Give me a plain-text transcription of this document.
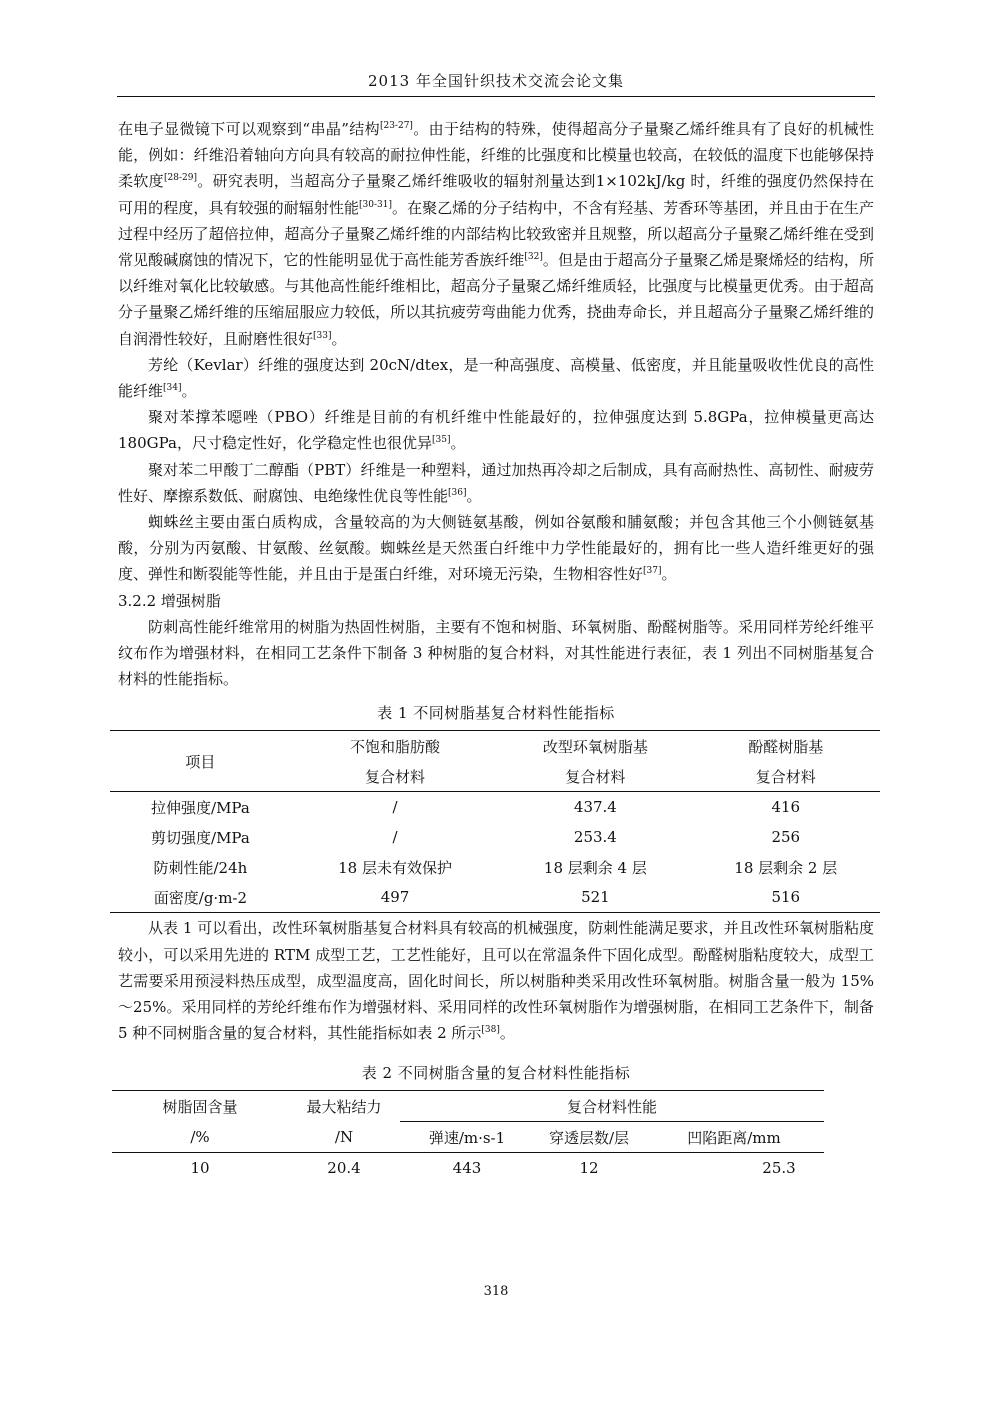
2013 年全国针织技术交流会论文集

在电子显微镜下可以观察到“串晶”结构[23-27]。由于结构的特殊，使得超高分子量聚乙烯纤维具有了良好的机械性能，例如：纤维沿着轴向方向具有较高的耐拉伸性能，纤维的比强度和比模量也较高，在较低的温度下也能够保持柔软度[28-29]。研究表明，当超高分子量聚乙烯纤维吸收的辐射剂量达到1×102kJ/kg 时，纤维的强度仍然保持在可用的程度，具有较强的耐辐射性能[30-31]。在聚乙烯的分子结构中，不含有羟基、芳香环等基团，并且由于在生产过程中经历了超倍拉伸，超高分子量聚乙烯纤维的内部结构比较致密并且规整，所以超高分子量聚乙烯纤维在受到常见酸碱腐蚀的情况下，它的性能明显优于高性能芳香族纤维[32]。但是由于超高分子量聚乙烯是聚烯烃的结构，所以纤维对氧化比较敏感。与其他高性能纤维相比，超高分子量聚乙烯纤维质轻，比强度与比模量更优秀。由于超高分子量聚乙烯纤维的压缩屈服应力较低，所以其抗疲劳弯曲能力优秀，挠曲寿命长，并且超高分子量聚乙烯纤维的自润滑性较好，且耐磨性很好[33]。

芳纶（Kevlar）纤维的强度达到 20cN/dtex，是一种高强度、高模量、低密度，并且能量吸收性优良的高性能纤维[34]。

聚对苯撑苯噁唑（PBO）纤维是目前的有机纤维中性能最好的，拉伸强度达到 5.8GPa，拉伸模量更高达 180GPa，尺寸稳定性好，化学稳定性也很优异[35]。

聚对苯二甲酸丁二醇酯（PBT）纤维是一种塑料，通过加热再冷却之后制成，具有高耐热性、高韧性、耐疲劳性好、摩擦系数低、耐腐蚀、电绝缘性优良等性能[36]。

蜘蛛丝主要由蛋白质构成，含量较高的为大侧链氨基酸，例如谷氨酸和脯氨酸；并包含其他三个小侧链氨基酸，分别为丙氨酸、甘氨酸、丝氨酸。蜘蛛丝是天然蛋白纤维中力学性能最好的，拥有比一些人造纤维更好的强度、弹性和断裂能等性能，并且由于是蛋白纤维，对环境无污染，生物相容性好[37]。

3.2.2 增强树脂

防刺高性能纤维常用的树脂为热固性树脂，主要有不饱和树脂、环氧树脂、酚醛树脂等。采用同样芳纶纤维平纹布作为增强材料，在相同工艺条件下制备 3 种树脂的复合材料，对其性能进行表征，表 1 列出不同树脂基复合材料的性能指标。

表 1 不同树脂基复合材料性能指标
项目	不饱和脂肪酸	改型环氧树脂基	酚醛树脂基
	复合材料	复合材料	复合材料
拉伸强度/MPa	/	437.4	416
剪切强度/MPa	/	253.4	256
防刺性能/24h	18 层未有效保护	18 层剩余 4 层	18 层剩余 2 层
面密度/g·m-2	497	521	516

从表 1 可以看出，改性环氧树脂基复合材料具有较高的机械强度，防刺性能满足要求，并且改性环氧树脂粘度较小，可以采用先进的 RTM 成型工艺，工艺性能好，且可以在常温条件下固化成型。酚醛树脂粘度较大，成型工艺需要采用预浸料热压成型，成型温度高，固化时间长，所以树脂种类采用改性环氧树脂。树脂含量一般为 15%～25%。采用同样的芳纶纤维布作为增强材料、采用同样的改性环氧树脂作为增强树脂，在相同工艺条件下，制备 5 种不同树脂含量的复合材料，其性能指标如表 2 所示[38]。

表 2 不同树脂含量的复合材料性能指标
树脂固含量	最大粘结力	复合材料性能		
/%	/N	弹速/m·s-1	穿透层数/层	凹陷距离/mm
10	20.4	443	12	25.3
318
